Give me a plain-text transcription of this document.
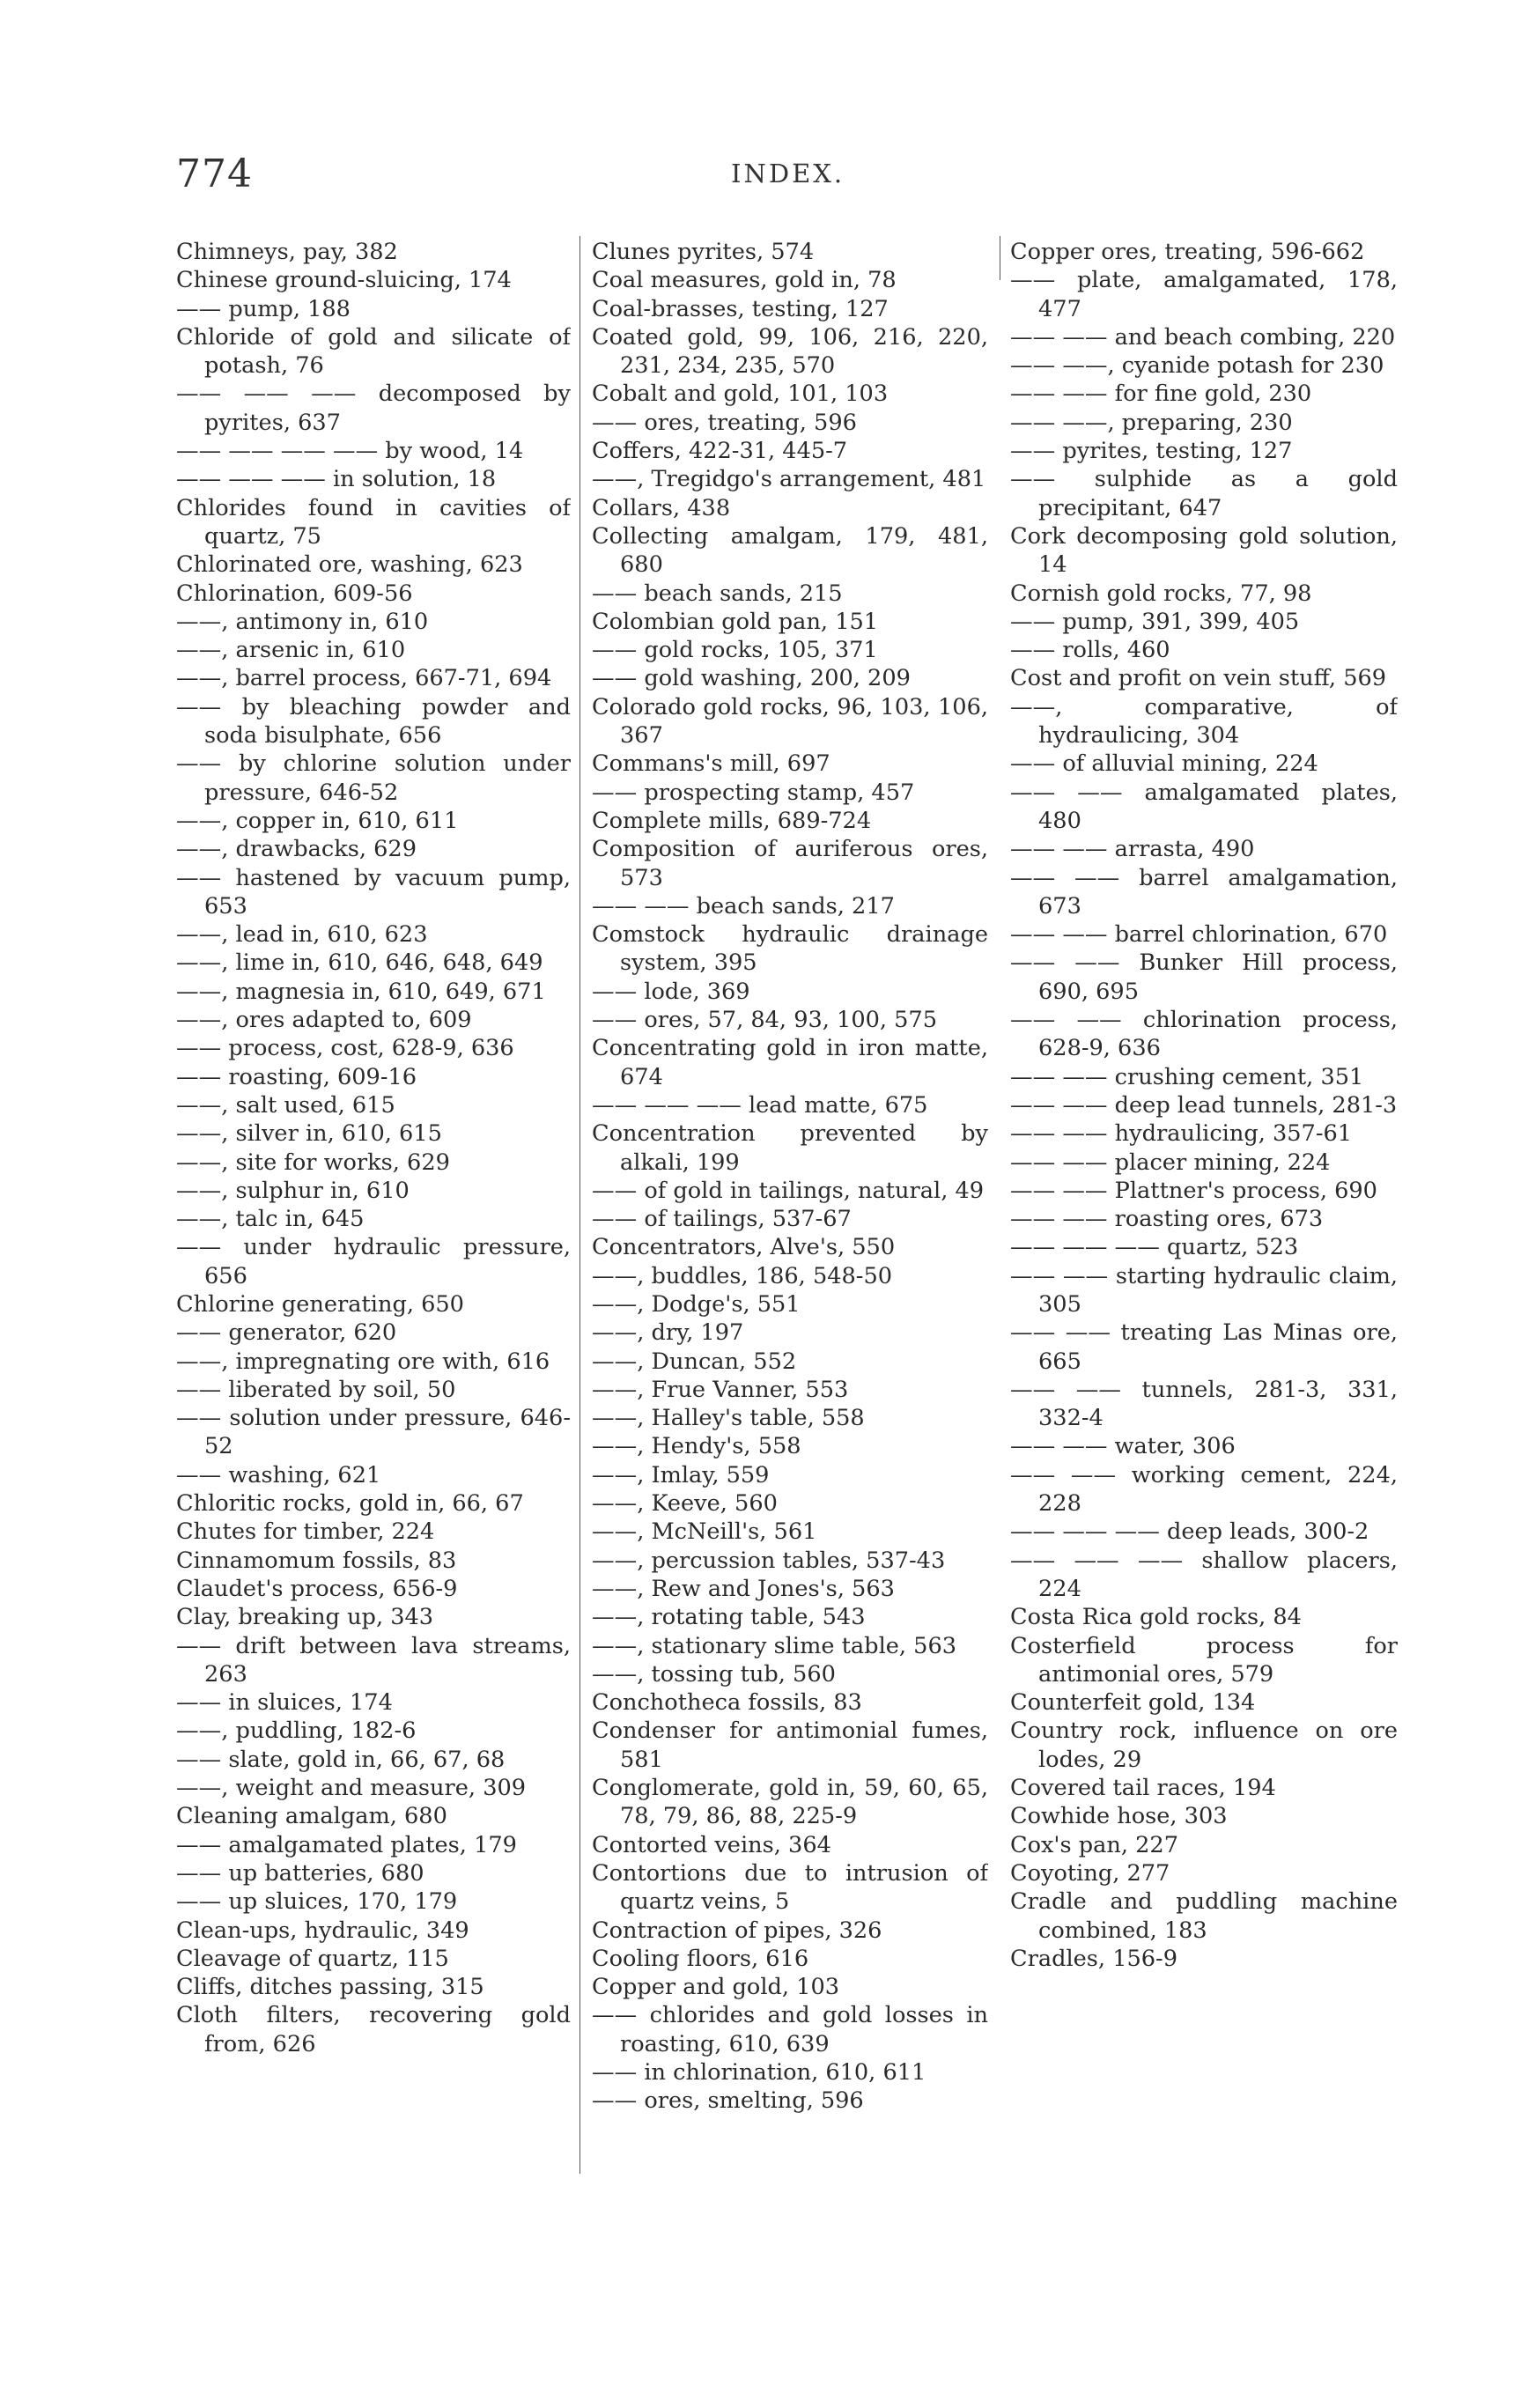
774	INDEX.
Chimneys, pay, 382
Chinese ground-sluicing, 174
—— pump, 188
Chloride of gold and silicate of potash, 76
—— —— —— decomposed by pyrites, 637
—— —— —— —— by wood, 14
—— —— —— in solution, 18
Chlorides found in cavities of quartz, 75
Chlorinated ore, washing, 623
Chlorination, 609-56
——, antimony in, 610
——, arsenic in, 610
——, barrel process, 667-71, 694
—— by bleaching powder and soda bisulphate, 656
—— by chlorine solution under pressure, 646-52
——, copper in, 610, 611
——, drawbacks, 629
—— hastened by vacuum pump, 653
——, lead in, 610, 623
——, lime in, 610, 646, 648, 649
——, magnesia in, 610, 649, 671
——, ores adapted to, 609
—— process, cost, 628-9, 636
—— roasting, 609-16
——, salt used, 615
——, silver in, 610, 615
——, site for works, 629
——, sulphur in, 610
——, talc in, 645
—— under hydraulic pressure, 656
Chlorine generating, 650
—— generator, 620
——, impregnating ore with, 616
—— liberated by soil, 50
—— solution under pressure, 646-52
—— washing, 621
Chloritic rocks, gold in, 66, 67
Chutes for timber, 224
Cinnamomum fossils, 83
Claudet's process, 656-9
Clay, breaking up, 343
—— drift between lava streams, 263
—— in sluices, 174
——, puddling, 182-6
—— slate, gold in, 66, 67, 68
——, weight and measure, 309
Cleaning amalgam, 680
—— amalgamated plates, 179
—— up batteries, 680
—— up sluices, 170, 179
Clean-ups, hydraulic, 349
Cleavage of quartz, 115
Cliffs, ditches passing, 315
Cloth filters, recovering gold from, 626
Clunes pyrites, 574
Coal measures, gold in, 78
Coal-brasses, testing, 127
Coated gold, 99, 106, 216, 220, 231, 234, 235, 570
Cobalt and gold, 101, 103
—— ores, treating, 596
Coffers, 422-31, 445-7
——, Tregidgo's arrangement, 481
Collars, 438
Collecting amalgam, 179, 481, 680
—— beach sands, 215
Colombian gold pan, 151
—— gold rocks, 105, 371
—— gold washing, 200, 209
Colorado gold rocks, 96, 103, 106, 367
Commans's mill, 697
—— prospecting stamp, 457
Complete mills, 689-724
Composition of auriferous ores, 573
—— —— beach sands, 217
Comstock hydraulic drainage system, 395
—— lode, 369
—— ores, 57, 84, 93, 100, 575
Concentrating gold in iron matte, 674
—— —— —— lead matte, 675
Concentration prevented by alkali, 199
—— of gold in tailings, natural, 49
—— of tailings, 537-67
Concentrators, Alve's, 550
——, buddles, 186, 548-50
——, Dodge's, 551
——, dry, 197
——, Duncan, 552
——, Frue Vanner, 553
——, Halley's table, 558
——, Hendy's, 558
——, Imlay, 559
——, Keeve, 560
——, McNeill's, 561
——, percussion tables, 537-43
——, Rew and Jones's, 563
——, rotating table, 543
——, stationary slime table, 563
——, tossing tub, 560
Conchotheca fossils, 83
Condenser for antimonial fumes, 581
Conglomerate, gold in, 59, 60, 65, 78, 79, 86, 88, 225-9
Contorted veins, 364
Contortions due to intrusion of quartz veins, 5
Contraction of pipes, 326
Cooling floors, 616
Copper and gold, 103
—— chlorides and gold losses in roasting, 610, 639
—— in chlorination, 610, 611
—— ores, smelting, 596
Copper ores, treating, 596-662
—— plate, amalgamated, 178, 477
—— —— and beach combing, 220
—— ——, cyanide potash for 230
—— —— for fine gold, 230
—— ——, preparing, 230
—— pyrites, testing, 127
—— sulphide as a gold precipitant, 647
Cork decomposing gold solution, 14
Cornish gold rocks, 77, 98
—— pump, 391, 399, 405
—— rolls, 460
Cost and profit on vein stuff, 569
——, comparative, of hydraulicing, 304
—— of alluvial mining, 224
—— —— amalgamated plates, 480
—— —— arrasta, 490
—— —— barrel amalgamation, 673
—— —— barrel chlorination, 670
—— —— Bunker Hill process, 690, 695
—— —— chlorination process, 628-9, 636
—— —— crushing cement, 351
—— —— deep lead tunnels, 281-3
—— —— hydraulicing, 357-61
—— —— placer mining, 224
—— —— Plattner's process, 690
—— —— roasting ores, 673
—— —— —— quartz, 523
—— —— starting hydraulic claim, 305
—— —— treating Las Minas ore, 665
—— —— tunnels, 281-3, 331, 332-4
—— —— water, 306
—— —— working cement, 224, 228
—— —— —— deep leads, 300-2
—— —— —— shallow placers, 224
Costa Rica gold rocks, 84
Costerfield process for antimonial ores, 579
Counterfeit gold, 134
Country rock, influence on ore lodes, 29
Covered tail races, 194
Cowhide hose, 303
Cox's pan, 227
Coyoting, 277
Cradle and puddling machine combined, 183
Cradles, 156-9
